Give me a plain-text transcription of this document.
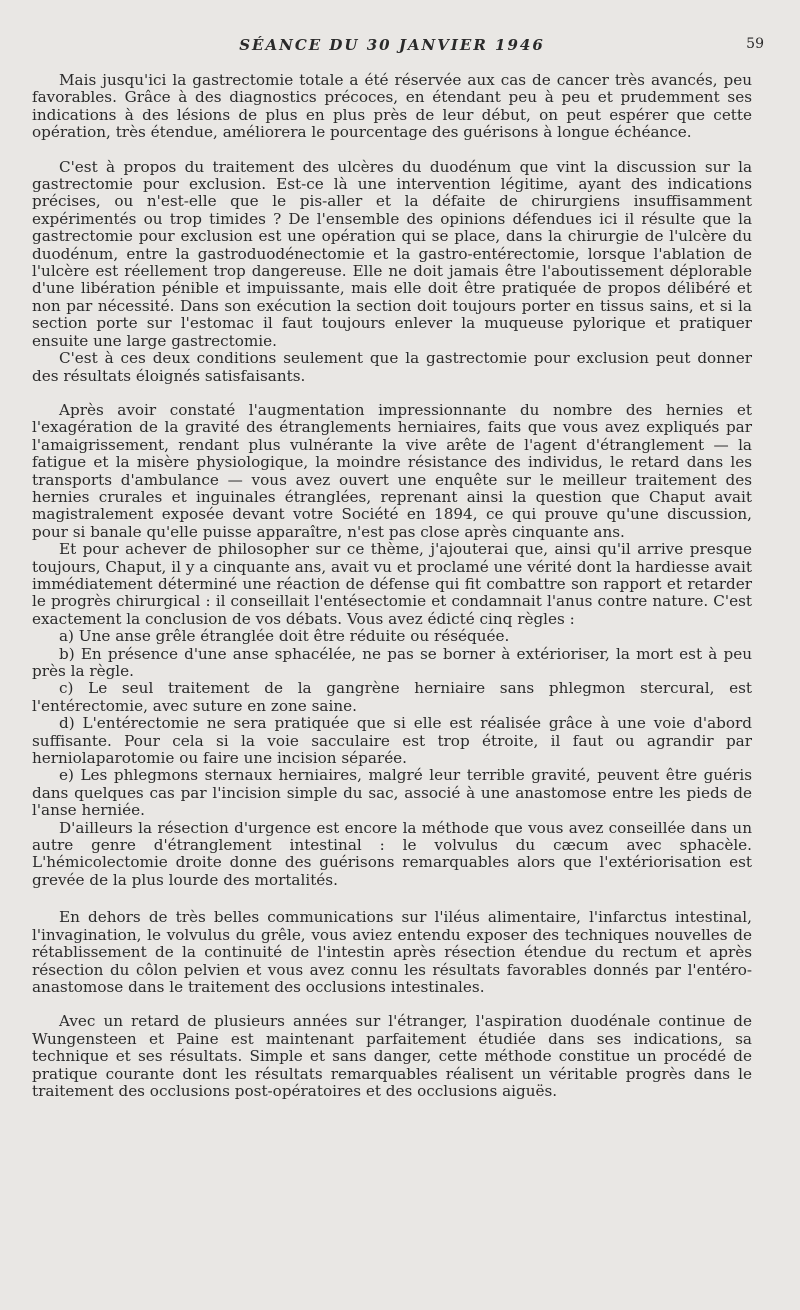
SÉANCE DU 30 JANVIER 1946	59

Mais jusqu'ici la gastrectomie totale a été réservée aux cas de cancer très avancés, peu favorables. Grâce à des diagnostics précoces, en étendant peu à peu et prudemment ses indications à des lésions de plus en plus près de leur début, on peut espérer que cette opération, très étendue, améliorera le pourcentage des guérisons à longue échéance.

C'est à propos du traitement des ulcères du duodénum que vint la discussion sur la gastrectomie pour exclusion. Est-ce là une intervention légitime, ayant des indications précises, ou n'est-elle que le pis-aller et la défaite de chirurgiens insuffisamment expérimentés ou trop timides ? De l'ensemble des opinions défendues ici il résulte que la gastrectomie pour exclusion est une opération qui se place, dans la chirurgie de l'ulcère du duodénum, entre la gastroduodénectomie et la gastro-entérectomie, lorsque l'ablation de l'ulcère est réellement trop dangereuse. Elle ne doit jamais être l'aboutissement déplorable d'une libération pénible et impuissante, mais elle doit être pratiquée de propos délibéré et non par nécessité. Dans son exécution la section doit toujours porter en tissus sains, et si la section porte sur l'estomac il faut toujours enlever la muqueuse pylorique et pratiquer ensuite une large gastrectomie.

C'est à ces deux conditions seulement que la gastrectomie pour exclusion peut donner des résultats éloignés satisfaisants.

Après avoir constaté l'augmentation impressionnante du nombre des hernies et l'exagération de la gravité des étranglements herniaires, faits que vous avez expliqués par l'amaigrissement, rendant plus vulnérante la vive arête de l'agent d'étranglement — la fatigue et la misère physiologique, la moindre résistance des individus, le retard dans les transports d'ambulance — vous avez ouvert une enquête sur le meilleur traitement des hernies crurales et inguinales étranglées, reprenant ainsi la question que Chaput avait magistralement exposée devant votre Société en 1894, ce qui prouve qu'une discussion, pour si banale qu'elle puisse apparaître, n'est pas close après cinquante ans.

Et pour achever de philosopher sur ce thème, j'ajouterai que, ainsi qu'il arrive presque toujours, Chaput, il y a cinquante ans, avait vu et proclamé une vérité dont la hardiesse avait immédiatement déterminé une réaction de défense qui fit combattre son rapport et retarder le progrès chirurgical : il conseillait l'entésectomie et condamnait l'anus contre nature. C'est exactement la conclusion de vos débats. Vous avez édicté cinq règles :

a) Une anse grêle étranglée doit être réduite ou réséquée.

b) En présence d'une anse sphacélée, ne pas se borner à extérioriser, la mort est à peu près la règle.

c) Le seul traitement de la gangrène herniaire sans phlegmon stercural, est l'entérectomie, avec suture en zone saine.

d) L'entérectomie ne sera pratiquée que si elle est réalisée grâce à une voie d'abord suffisante. Pour cela si la voie sacculaire est trop étroite, il faut ou agrandir par herniolaparotomie ou faire une incision séparée.

e) Les phlegmons sternaux herniaires, malgré leur terrible gravité, peuvent être guéris dans quelques cas par l'incision simple du sac, associé à une anastomose entre les pieds de l'anse herniée.

D'ailleurs la résection d'urgence est encore la méthode que vous avez conseillée dans un autre genre d'étranglement intestinal : le volvulus du cæcum avec sphacèle. L'hémicolectomie droite donne des guérisons remarquables alors que l'extériorisation est grevée de la plus lourde des mortalités.

En dehors de très belles communications sur l'iléus alimentaire, l'infarctus intestinal, l'invagination, le volvulus du grêle, vous aviez entendu exposer des techniques nouvelles de rétablissement de la continuité de l'intestin après résection étendue du rectum et après résection du côlon pelvien et vous avez connu les résultats favorables donnés par l'entéro-anastomose dans le traitement des occlusions intestinales.

Avec un retard de plusieurs années sur l'étranger, l'aspiration duodénale continue de Wungensteen et Paine est maintenant parfaitement étudiée dans ses indications, sa technique et ses résultats. Simple et sans danger, cette méthode constitue un procédé de pratique courante dont les résultats remarquables réalisent un véritable progrès dans le traitement des occlusions post-opératoires et des occlusions aiguës.
